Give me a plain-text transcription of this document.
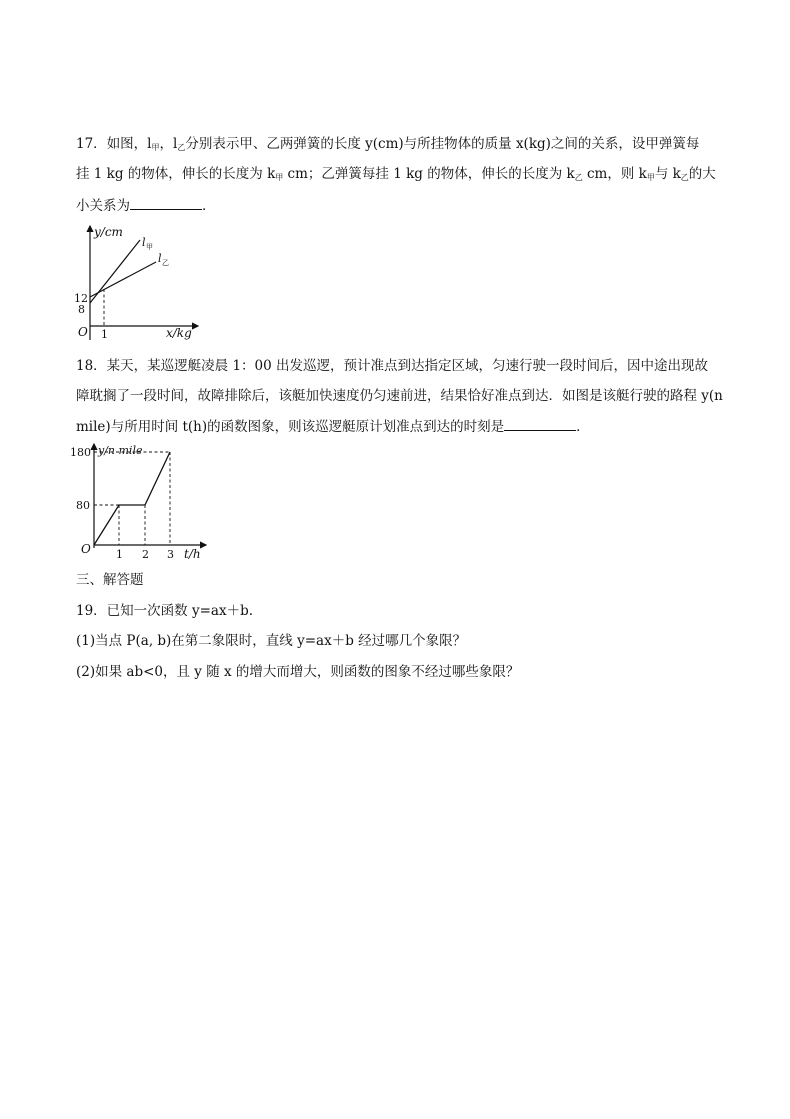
17．如图，$l_甲$，$l_乙$分别表示甲、乙两弹簧的长度 y(cm)与所挂物体的质量 x(kg)之间的关系，设甲弹簧每
挂 1 kg 的物体，伸长的长度为 $k_甲$ cm；乙弹簧每挂 1 kg 的物体，伸长的长度为 $k_乙$ cm，则 $k_甲$与 $k_乙$的大
小关系为	．
y/cm
x/kg
O
12
8
1
l 甲
l 乙
18．某天，某巡逻艇凌晨 1：00 出发巡逻，预计准点到达指定区域，匀速行驶一段时间后，因中途出现故
障耽搁了一段时间，故障排除后，该艇加快速度仍匀速前进，结果恰好准点到达．如图是该艇行驶的路程 y(n
mile)与所用时间 t(h)的函数图象，则该巡逻艇原计划准点到达的时刻是	．
y/n mile
t/h
O
180
80
1 2 3
三、解答题
19．已知一次函数 y=ax＋b.
(1)当点 P(a, b)在第二象限时，直线 y=ax＋b 经过哪几个象限？
(2)如果 ab<0，且 y 随 x 的增大而增大，则函数的图象不经过哪些象限？
